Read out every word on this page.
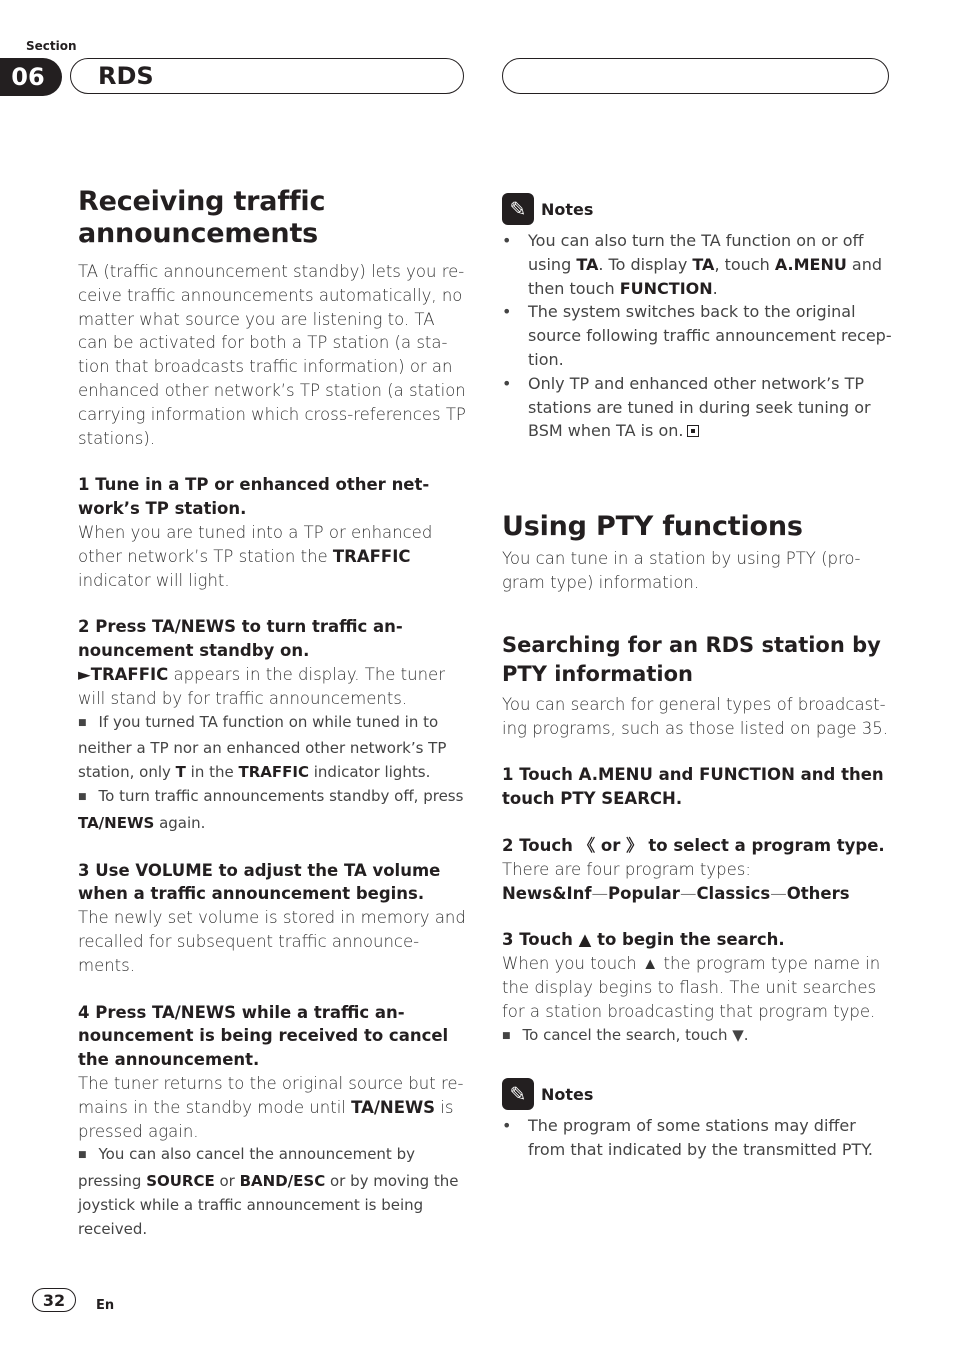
Section
06	RDS
Receiving traffic announcements

TA (traffic announcement standby) lets you receive traffic announcements automatically, no matter what source you are listening to. TA can be activated for both a TP station (a station that broadcasts traffic information) or an enhanced other network’s TP station (a station carrying information which cross-references TP stations).

1 Tune in a TP or enhanced other network’s TP station.

When you are tuned into a TP or enhanced other network’s TP station the TRAFFIC indicator will light.

2 Press TA/NEWS to turn traffic announcement standby on.

►TRAFFIC appears in the display. The tuner will stand by for traffic announcements.

■ If you turned TA function on while tuned in to neither a TP nor an enhanced other network’s TP station, only T in the TRAFFIC indicator lights.

■ To turn traffic announcements standby off, press TA/NEWS again.

3 Use VOLUME to adjust the TA volume when a traffic announcement begins.

The newly set volume is stored in memory and recalled for subsequent traffic announcements.

4 Press TA/NEWS while a traffic announcement is being received to cancel the announcement.

The tuner returns to the original source but remains in the standby mode until TA/NEWS is pressed again.

■ You can also cancel the announcement by pressing SOURCE or BAND/ESC or by moving the joystick while a traffic announcement is being received.

✎ Notes
• You can also turn the TA function on or off using TA. To display TA, touch A.MENU and then touch FUNCTION.
• The system switches back to the original source following traffic announcement reception.
• Only TP and enhanced other network’s TP stations are tuned in during seek tuning or BSM when TA is on.
Using PTY functions

You can tune in a station by using PTY (program type) information.

Searching for an RDS station by PTY information

You can search for general types of broadcasting programs, such as those listed on page 35.

1 Touch A.MENU and FUNCTION and then touch PTY SEARCH.

2 Touch 《 or 》 to select a program type.

There are four program types:

News&Inf—Popular—Classics—Others

3 Touch ▲ to begin the search.

When you touch ▲ the program type name in the display begins to flash. The unit searches for a station broadcasting that program type.

■ To cancel the search, touch ▼.

✎ Notes
• The program of some stations may differ from that indicated by the transmitted PTY.
32	En
